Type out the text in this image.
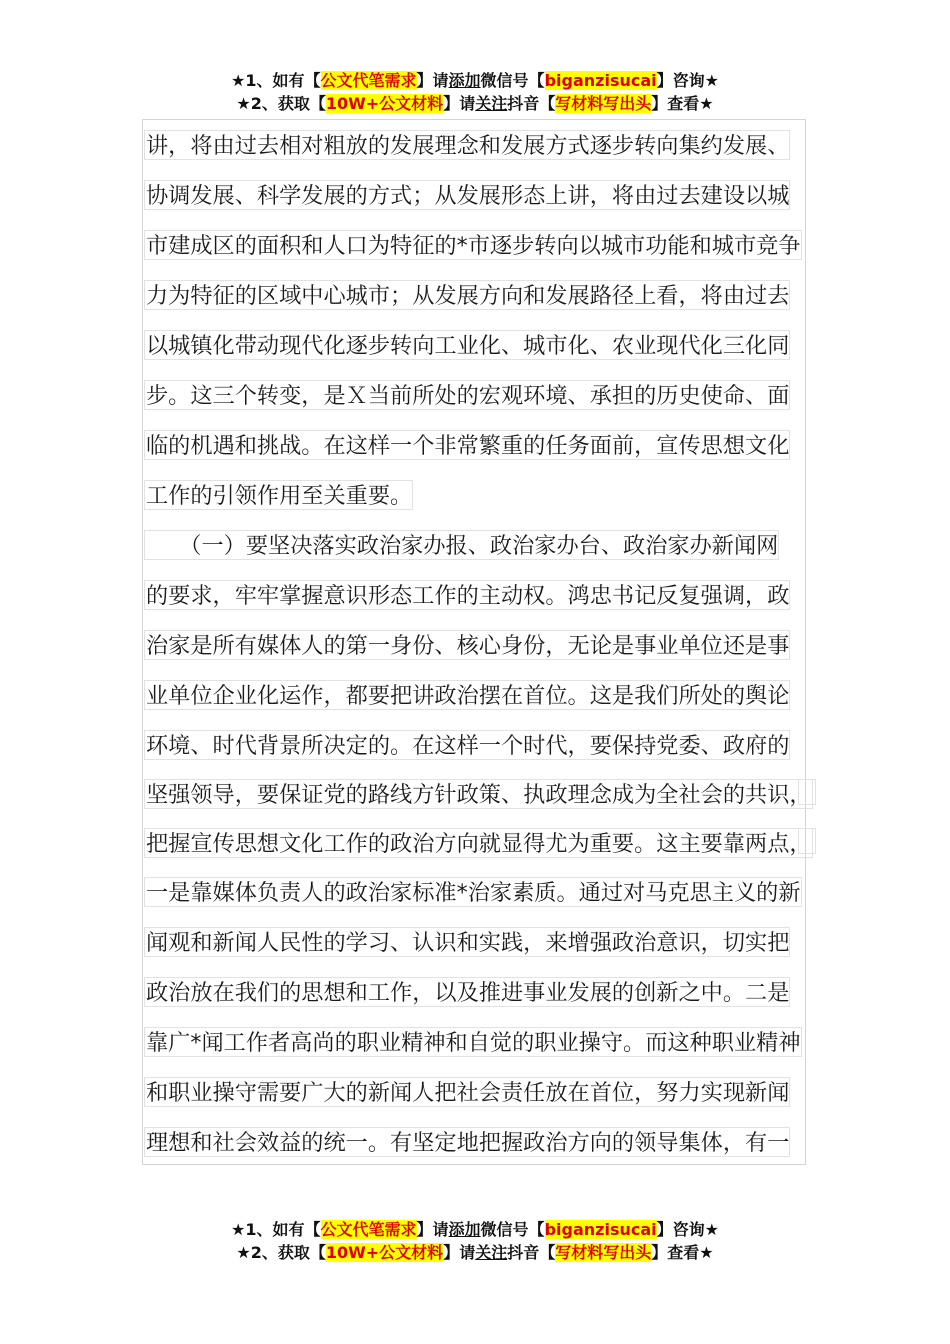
★1、如有【公文代笔需求】请添加微信号【biganzisucai】咨询★
★2、获取【10W+公文材料】请关注抖音【写材料写出头】查看★
讲，将由过去相对粗放的发展理念和发展方式逐步转向集约发展、
协调发展、科学发展的方式；从发展形态上讲，将由过去建设以城
市建成区的面积和人口为特征的*市逐步转向以城市功能和城市竞争
力为特征的区域中心城市；从发展方向和发展路径上看，将由过去
以城镇化带动现代化逐步转向工业化、城市化、农业现代化三化同
步。这三个转变，是Ｘ当前所处的宏观环境、承担的历史使命、面
临的机遇和挑战。在这样一个非常繁重的任务面前，宣传思想文化
工作的引领作用至关重要。
　　（一）要坚决落实政治家办报、政治家办台、政治家办新闻网
的要求，牢牢掌握意识形态工作的主动权。鸿忠书记反复强调，政
治家是所有媒体人的第一身份、核心身份，无论是事业单位还是事
业单位企业化运作，都要把讲政治摆在首位。这是我们所处的舆论
环境、时代背景所决定的。在这样一个时代，要保持党委、政府的
坚强领导，要保证党的路线方针政策、执政理念成为全社会的共识，
把握宣传思想文化工作的政治方向就显得尤为重要。这主要靠两点，
一是靠媒体负责人的政治家标准*治家素质。通过对马克思主义的新
闻观和新闻人民性的学习、认识和实践，来增强政治意识，切实把
政治放在我们的思想和工作，以及推进事业发展的创新之中。二是
靠广*闻工作者高尚的职业精神和自觉的职业操守。而这种职业精神
和职业操守需要广大的新闻人把社会责任放在首位，努力实现新闻
理想和社会效益的统一。有坚定地把握政治方向的领导集体，有一
★1、如有【公文代笔需求】请添加微信号【biganzisucai】咨询★
★2、获取【10W+公文材料】请关注抖音【写材料写出头】查看★
